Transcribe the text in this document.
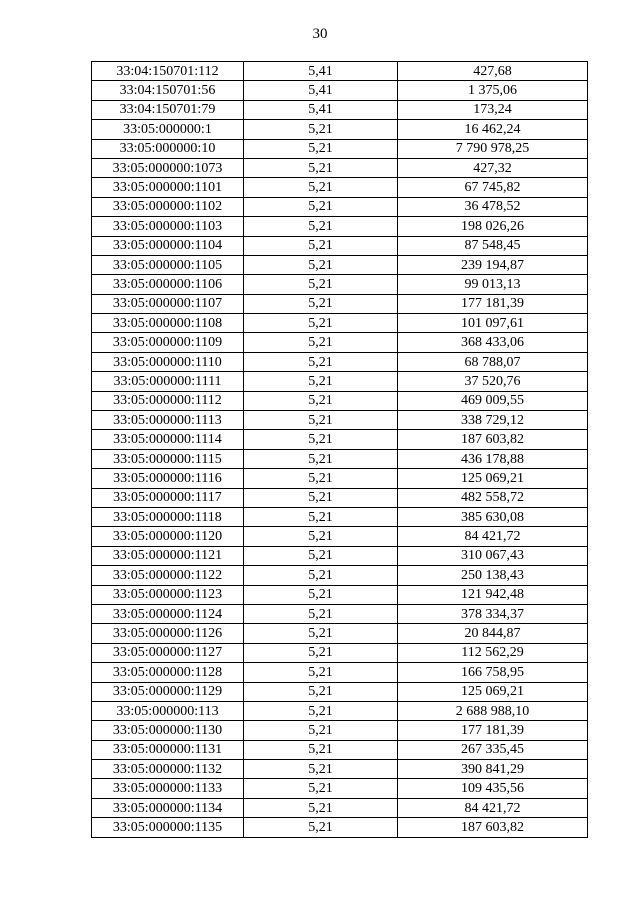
30
33:04:150701:112	5,41	427,68
33:04:150701:56	5,41	1 375,06
33:04:150701:79	5,41	173,24
33:05:000000:1	5,21	16 462,24
33:05:000000:10	5,21	7 790 978,25
33:05:000000:1073	5,21	427,32
33:05:000000:1101	5,21	67 745,82
33:05:000000:1102	5,21	36 478,52
33:05:000000:1103	5,21	198 026,26
33:05:000000:1104	5,21	87 548,45
33:05:000000:1105	5,21	239 194,87
33:05:000000:1106	5,21	99 013,13
33:05:000000:1107	5,21	177 181,39
33:05:000000:1108	5,21	101 097,61
33:05:000000:1109	5,21	368 433,06
33:05:000000:1110	5,21	68 788,07
33:05:000000:1111	5,21	37 520,76
33:05:000000:1112	5,21	469 009,55
33:05:000000:1113	5,21	338 729,12
33:05:000000:1114	5,21	187 603,82
33:05:000000:1115	5,21	436 178,88
33:05:000000:1116	5,21	125 069,21
33:05:000000:1117	5,21	482 558,72
33:05:000000:1118	5,21	385 630,08
33:05:000000:1120	5,21	84 421,72
33:05:000000:1121	5,21	310 067,43
33:05:000000:1122	5,21	250 138,43
33:05:000000:1123	5,21	121 942,48
33:05:000000:1124	5,21	378 334,37
33:05:000000:1126	5,21	20 844,87
33:05:000000:1127	5,21	112 562,29
33:05:000000:1128	5,21	166 758,95
33:05:000000:1129	5,21	125 069,21
33:05:000000:113	5,21	2 688 988,10
33:05:000000:1130	5,21	177 181,39
33:05:000000:1131	5,21	267 335,45
33:05:000000:1132	5,21	390 841,29
33:05:000000:1133	5,21	109 435,56
33:05:000000:1134	5,21	84 421,72
33:05:000000:1135	5,21	187 603,82
